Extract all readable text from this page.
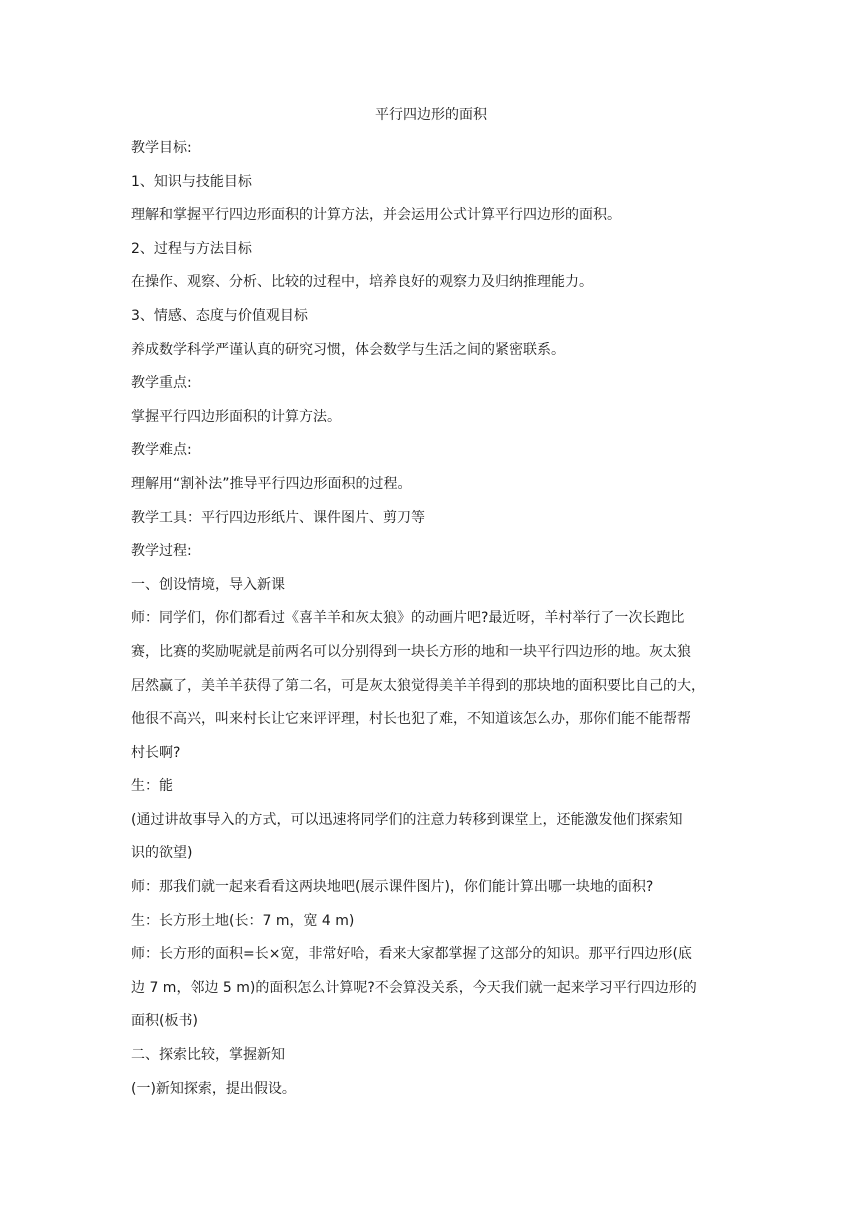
平行四边形的面积

教学目标:

1、知识与技能目标

理解和掌握平行四边形面积的计算方法，并会运用公式计算平行四边形的面积。

2、过程与方法目标

在操作、观察、分析、比较的过程中，培养良好的观察力及归纳推理能力。

3、情感、态度与价值观目标

养成数学科学严谨认真的研究习惯，体会数学与生活之间的紧密联系。

教学重点:

掌握平行四边形面积的计算方法。

教学难点:

理解用“割补法”推导平行四边形面积的过程。

教学工具：平行四边形纸片、课件图片、剪刀等

教学过程:

一、创设情境，导入新课

师：同学们，你们都看过《喜羊羊和灰太狼》的动画片吧?最近呀，羊村举行了一次长跑比

赛，比赛的奖励呢就是前两名可以分别得到一块长方形的地和一块平行四边形的地。灰太狼

居然赢了，美羊羊获得了第二名，可是灰太狼觉得美羊羊得到的那块地的面积要比自己的大，

他很不高兴，叫来村长让它来评评理，村长也犯了难，不知道该怎么办，那你们能不能帮帮

村长啊?

生：能

(通过讲故事导入的方式，可以迅速将同学们的注意力转移到课堂上，还能激发他们探索知

识的欲望)

师：那我们就一起来看看这两块地吧(展示课件图片)，你们能计算出哪一块地的面积?

生：长方形土地(长：7 m，宽 4 m)

师：长方形的面积=长×宽，非常好哈，看来大家都掌握了这部分的知识。那平行四边形(底

边 7 m，邻边 5 m)的面积怎么计算呢?不会算没关系，今天我们就一起来学习平行四边形的

面积(板书)

二、探索比较，掌握新知

(一)新知探索，提出假设。
